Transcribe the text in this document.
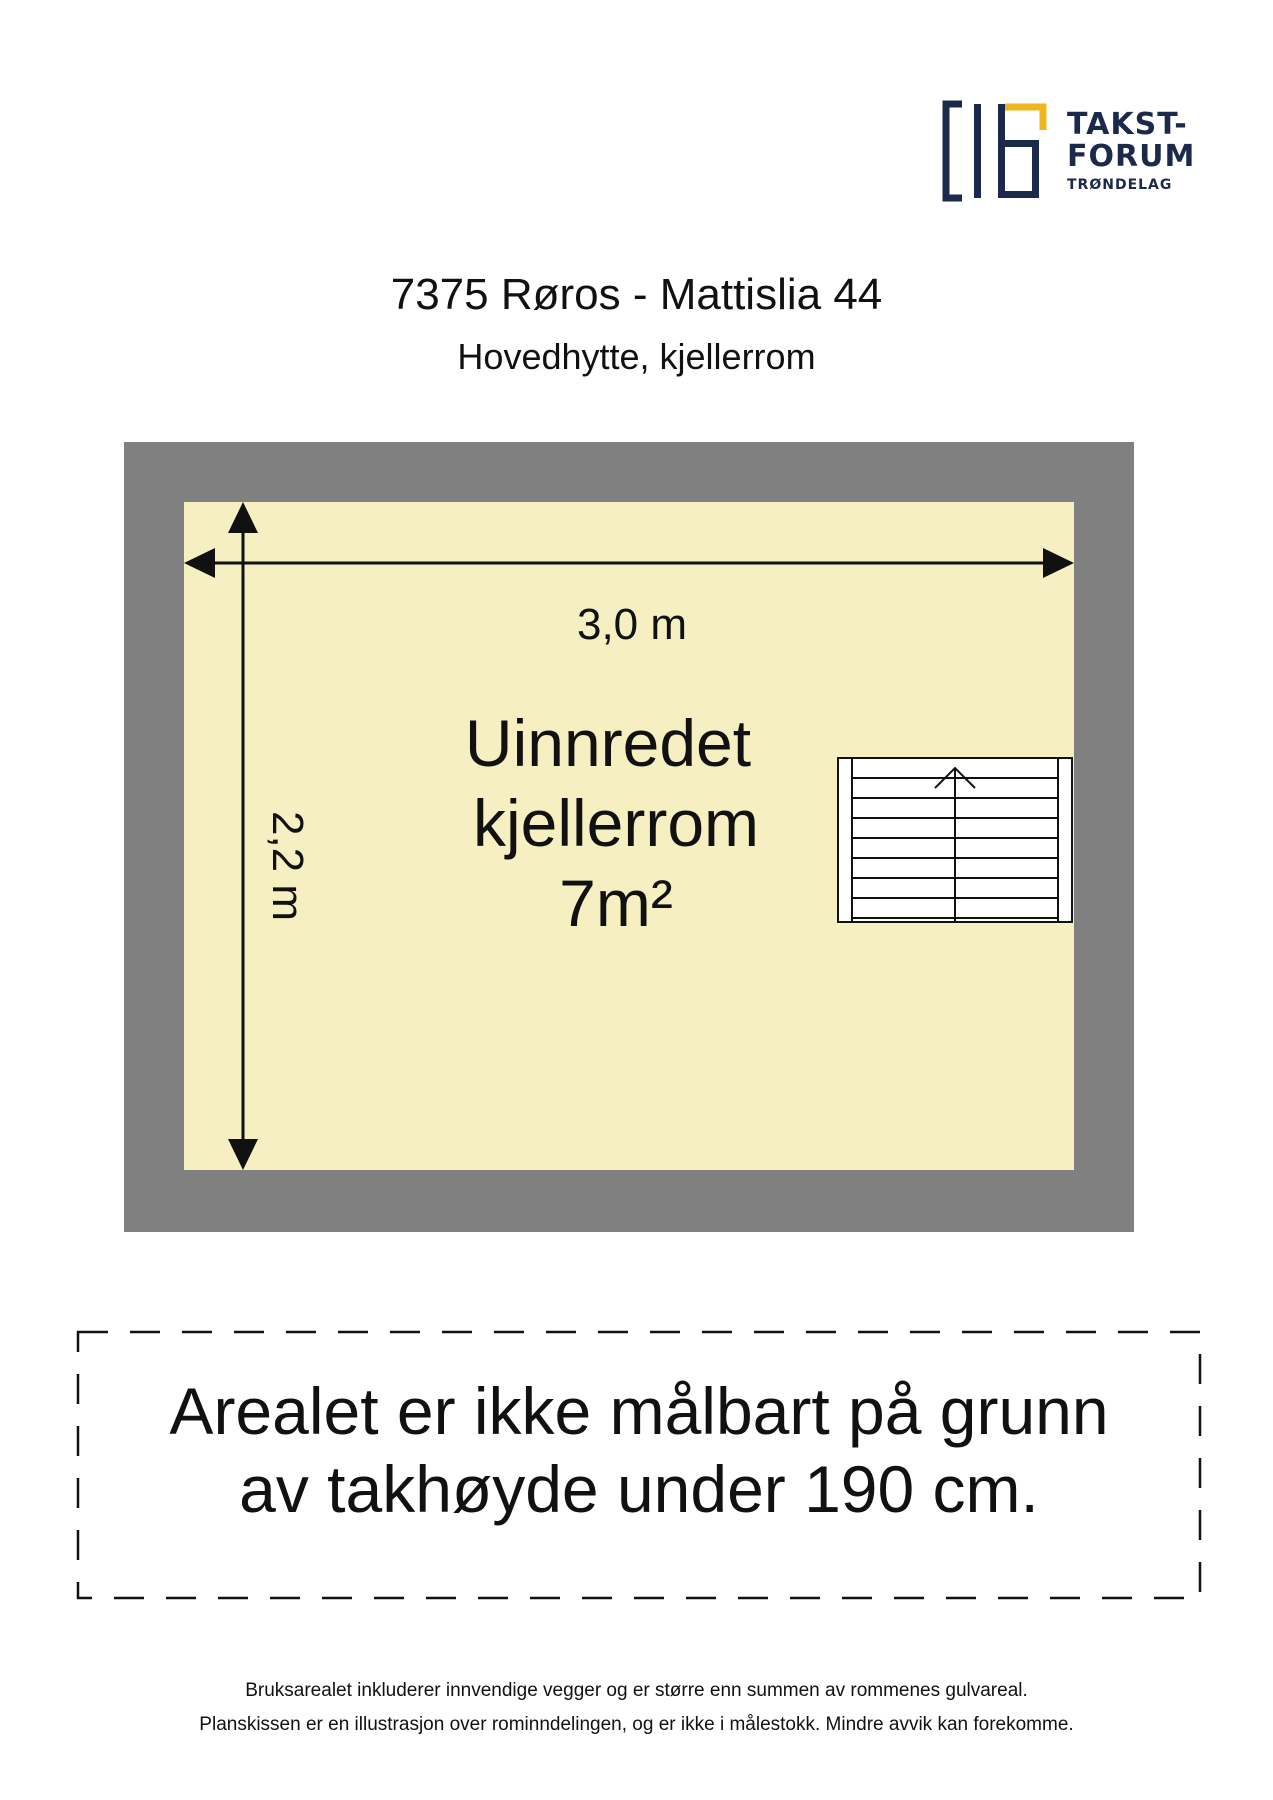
TAKST-
FORUM
TRØNDELAG
7375 Røros - Mattislia 44
Hovedhytte, kjellerrom
3,0 m
2,2 m
Uinnredet
kjellerrom
7m²
Arealet er ikke målbart på grunn
av takhøyde under 190 cm.
Bruksarealet inkluderer innvendige vegger og er større enn summen av rommenes gulvareal.
Planskissen er en illustrasjon over rominndelingen, og er ikke i målestokk. Mindre avvik kan forekomme.
